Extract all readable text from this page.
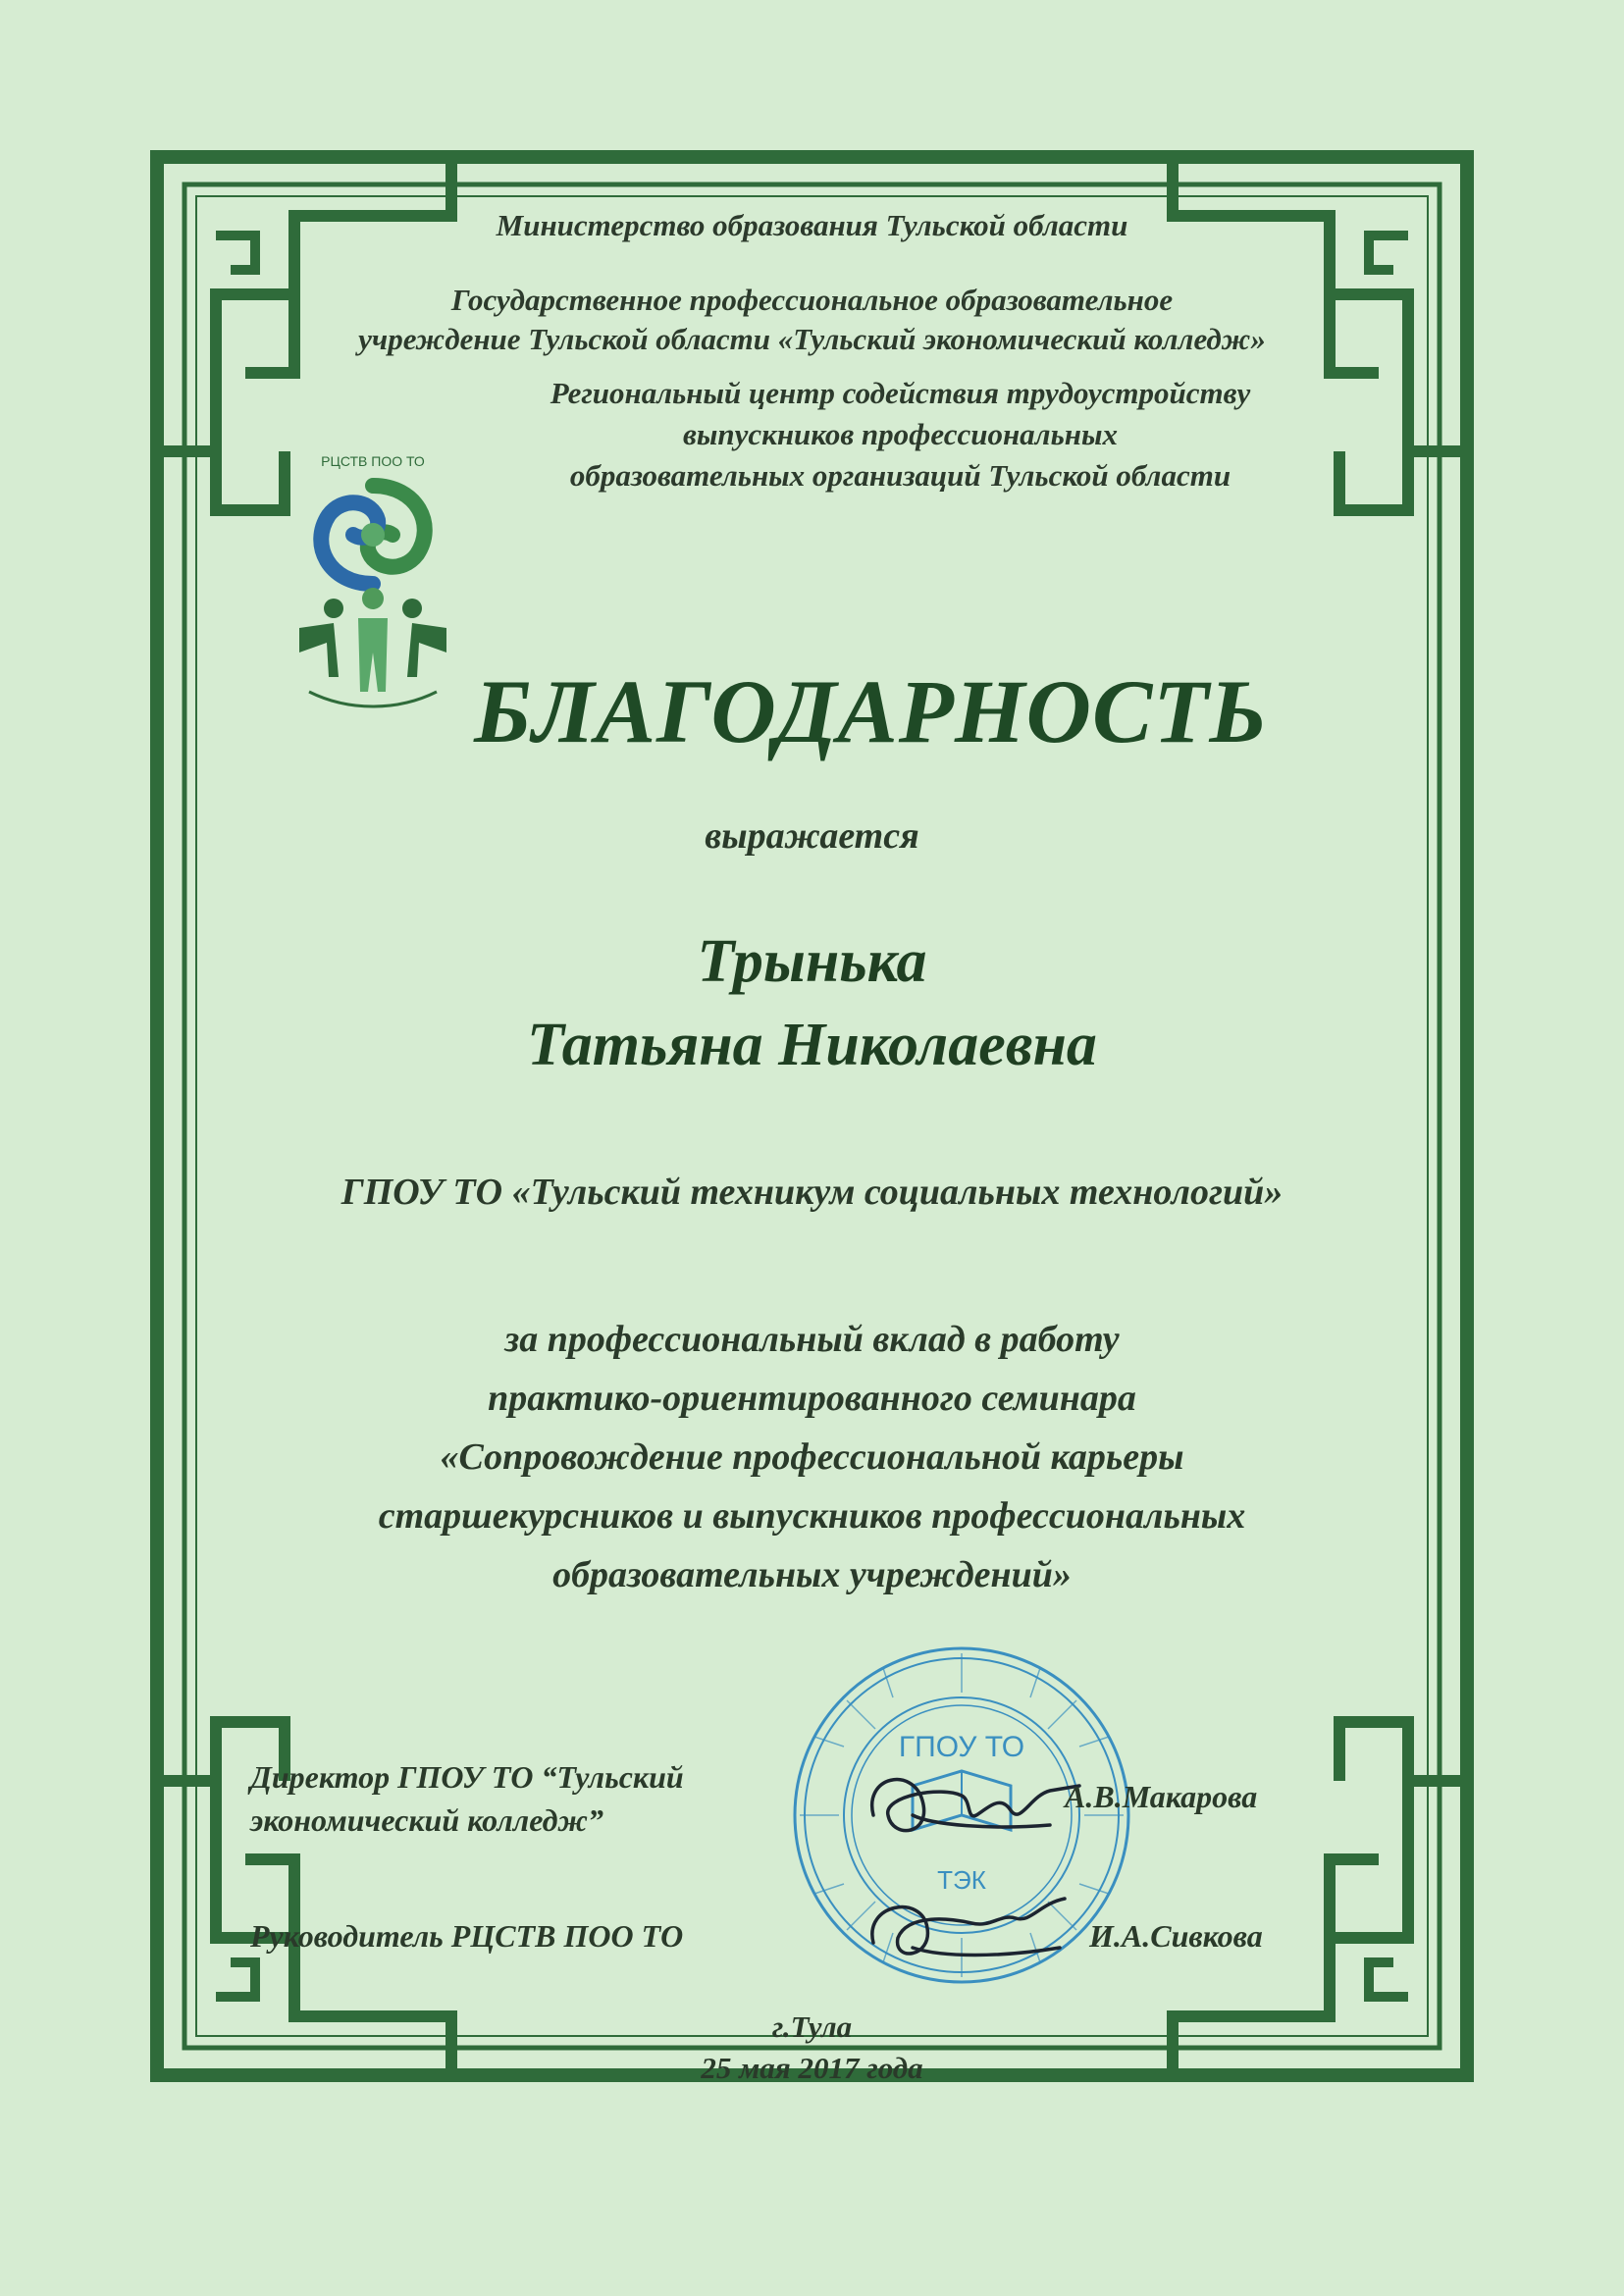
Министерство образования Тульской области
Государственное профессиональное образовательное
учреждение Тульской области «Тульский экономический колледж»
Региональный центр содействия трудоустройству
выпускников профессиональных
образовательных организаций Тульской области
РЦСТВ ПОО ТО
БЛАГОДАРНОСТЬ
выражается
Трынька
Татьяна Николаевна
ГПОУ ТО «Тульский техникум социальных технологий»
за профессиональный вклад в работу
практико-ориентированного семинара
«Сопровождение профессиональной карьеры
старшекурсников и выпускников профессиональных
образовательных учреждений»
ГПОУ ТО
ТЭК
Директор ГПОУ ТО “Тульский
экономический колледж”
А.В.Макарова
Руководитель РЦСТВ ПОО ТО	И.А.Сивкова
г.Тула
25 мая 2017 года
